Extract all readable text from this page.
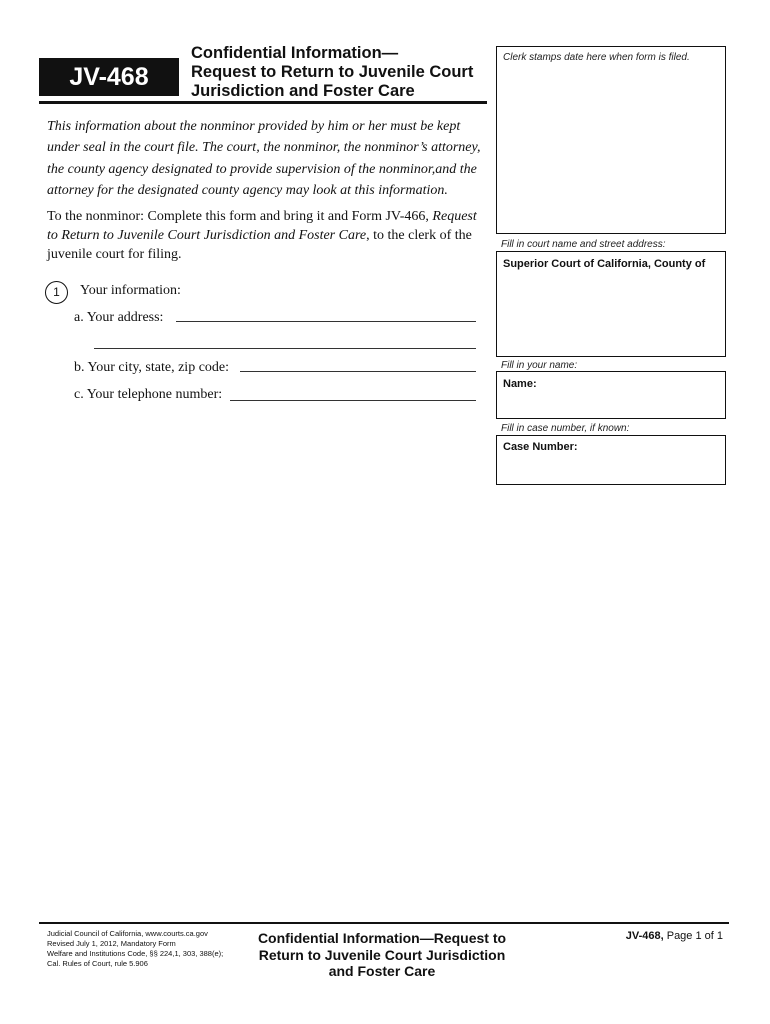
JV-468
Confidential Information—
Request to Return to Juvenile Court
Jurisdiction and Foster Care
This information about the nonminor provided by him or her must be kept under seal in the court file. The court, the nonminor, the nonminor’s attorney, the county agency designated to provide supervision of the nonminor,and the attorney for the designated county agency may look at this information.
To the nonminor: Complete this form and bring it and Form JV-466, Request to Return to Juvenile Court Jurisdiction and Foster Care, to the clerk of the juvenile court for filing.
1	Your information:
a. Your address:
b. Your city, state, zip code:
c. Your telephone number:
Clerk stamps date here when form is filed.
Fill in court name and street address:
Superior Court of California, County of
Fill in your name:
Name:
Fill in case number, if known:
Case Number:
Judicial Council of California, www.courts.ca.gov
Revised July 1, 2012, Mandatory Form
Welfare and Institutions Code, §§ 224,1, 303, 388(e);
Cal. Rules of Court, rule 5.906
Confidential Information—Request to
Return to Juvenile Court Jurisdiction
and Foster Care
JV-468, Page 1 of 1
